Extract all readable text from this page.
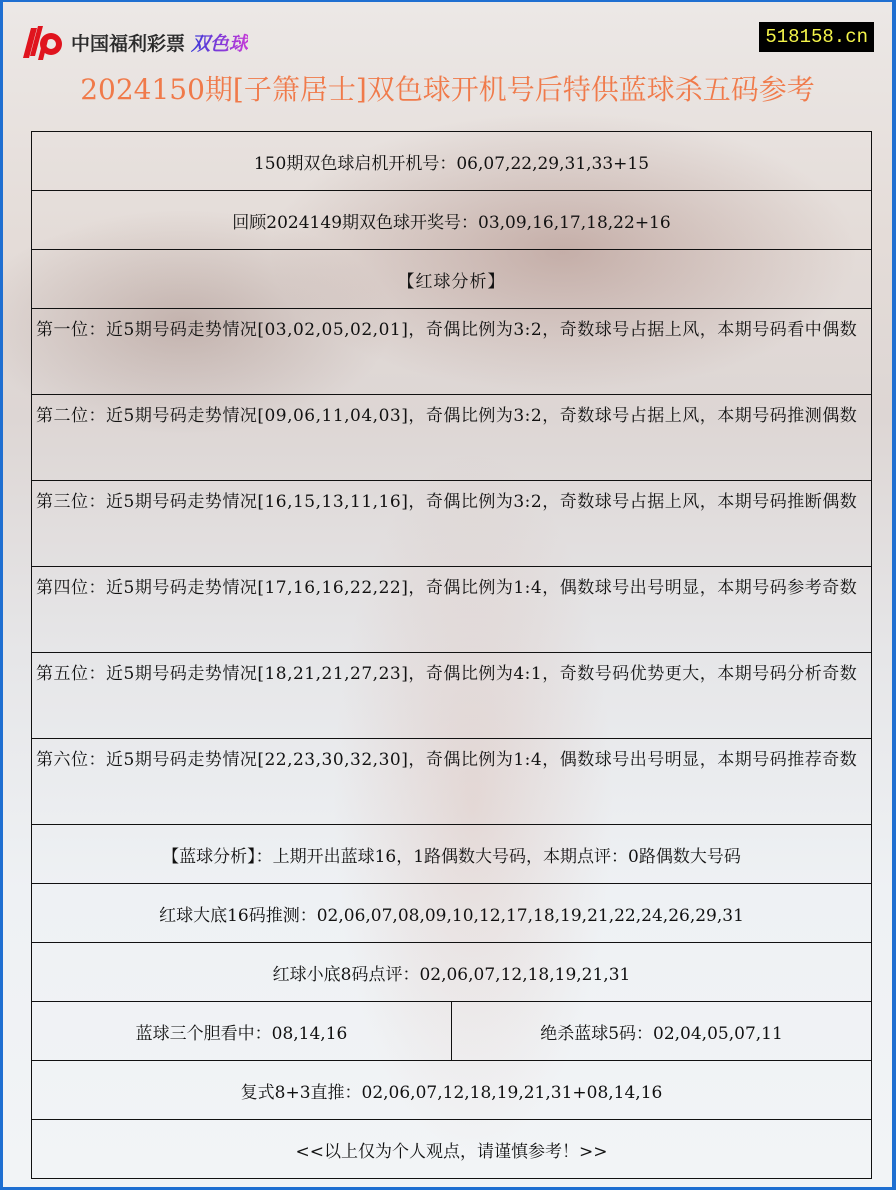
中国福利彩票 双色球	518158.cn
2024150期[子箫居士]双色球开机号后特供蓝球杀五码参考
150期双色球启机开机号：06,07,22,29,31,33+15
回顾2024149期双色球开奖号：03,09,16,17,18,22+16
【红球分析】
第一位：近5期号码走势情况[03,02,05,02,01]，奇偶比例为3:2，奇数球号占据上风，本期号码看中偶数
第二位：近5期号码走势情况[09,06,11,04,03]，奇偶比例为3:2，奇数球号占据上风，本期号码推测偶数
第三位：近5期号码走势情况[16,15,13,11,16]，奇偶比例为3:2，奇数球号占据上风，本期号码推断偶数
第四位：近5期号码走势情况[17,16,16,22,22]，奇偶比例为1:4，偶数球号出号明显，本期号码参考奇数
第五位：近5期号码走势情况[18,21,21,27,23]，奇偶比例为4:1，奇数号码优势更大，本期号码分析奇数
第六位：近5期号码走势情况[22,23,30,32,30]，奇偶比例为1:4，偶数球号出号明显，本期号码推荐奇数
【蓝球分析】：上期开出蓝球16，1路偶数大号码，本期点评：0路偶数大号码
红球大底16码推测：02,06,07,08,09,10,12,17,18,19,21,22,24,26,29,31
红球小底8码点评：02,06,07,12,18,19,21,31
蓝球三个胆看中：08,14,16	绝杀蓝球5码：02,04,05,07,11
复式8+3直推：02,06,07,12,18,19,21,31+08,14,16
<<以上仅为个人观点，请谨慎参考！>>
